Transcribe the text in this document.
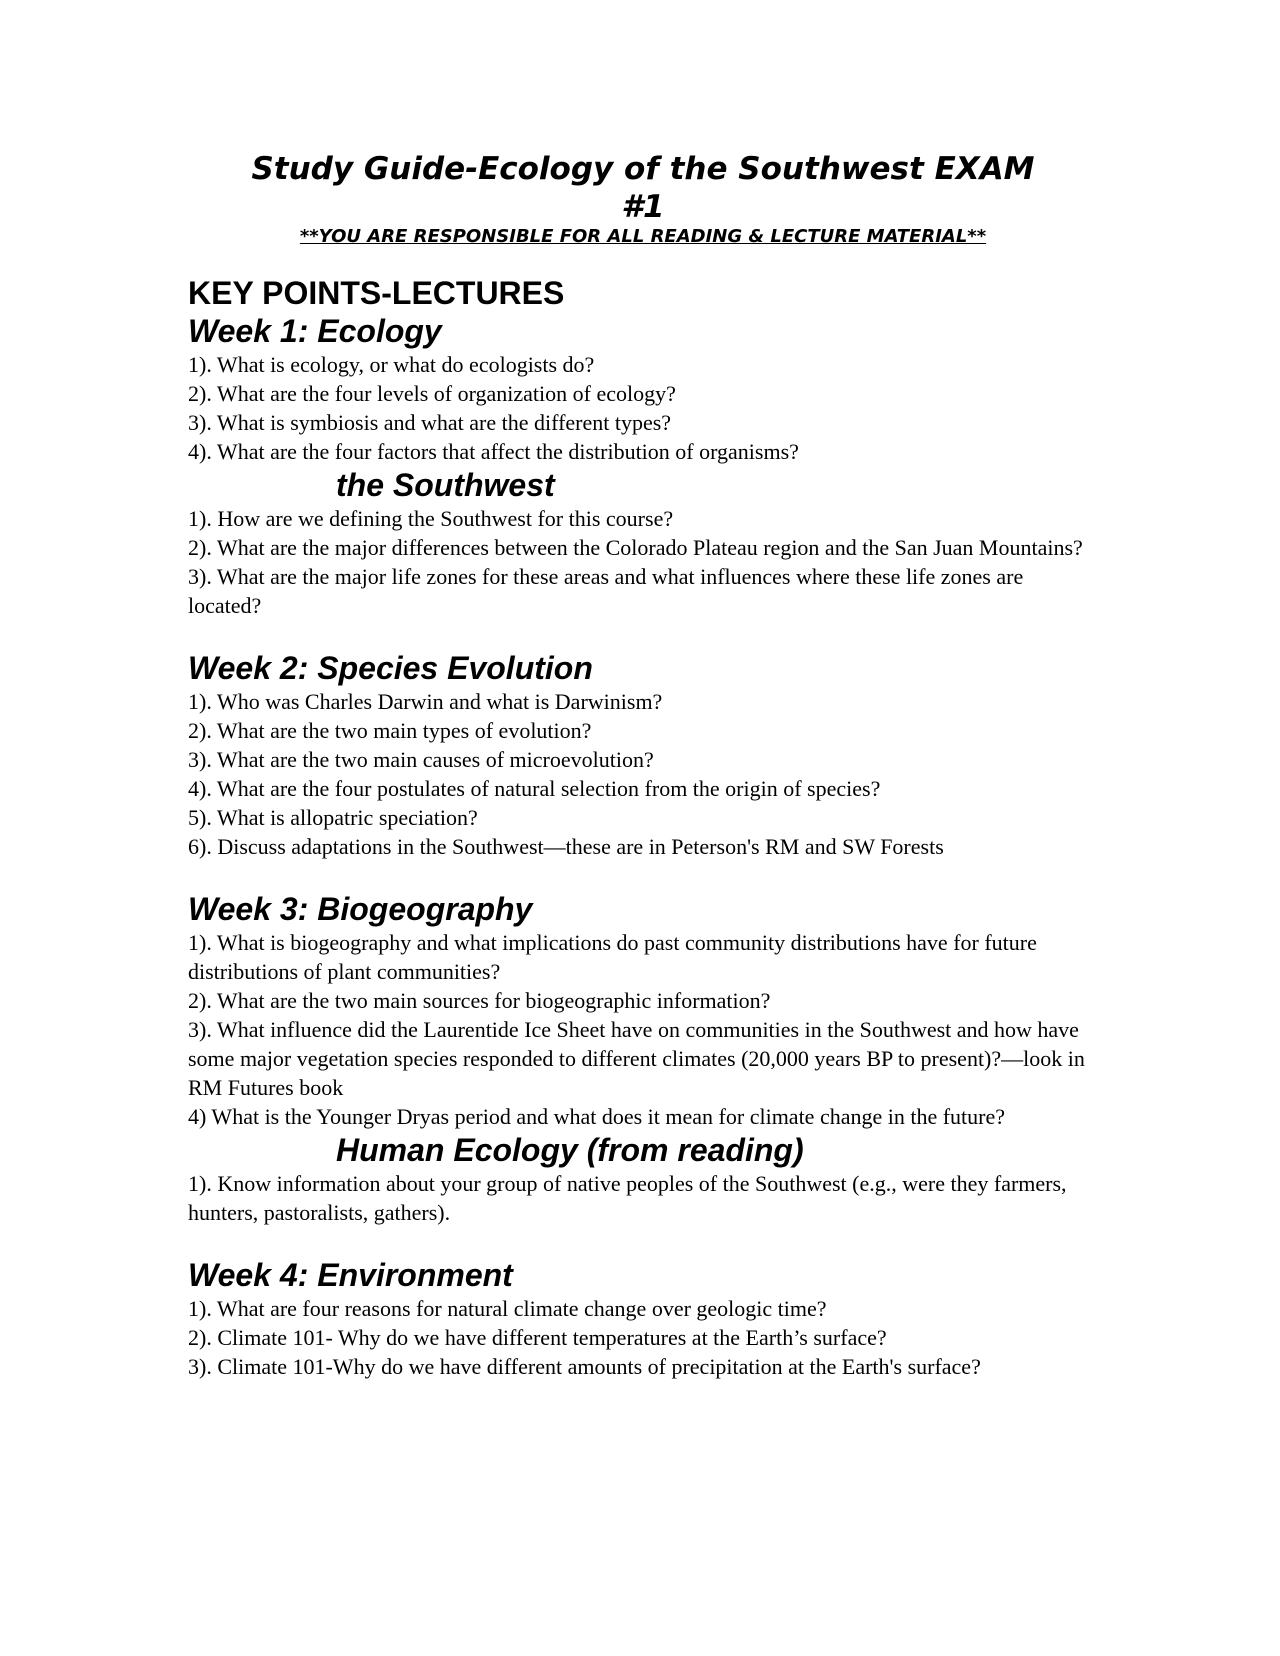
Study Guide-Ecology of the Southwest EXAM
#1
**YOU ARE RESPONSIBLE FOR ALL READING & LECTURE MATERIAL**
KEY POINTS-LECTURES
Week 1: Ecology

1). What is ecology, or what do ecologists do?

2). What are the four levels of organization of ecology?

3). What is symbiosis and what are the different types?

4). What are the four factors that affect the distribution of organisms?

the Southwest

1). How are we defining the Southwest for this course?

2). What are the major differences between the Colorado Plateau region and the San Juan Mountains?

3). What are the major life zones for these areas and what influences where these life zones are located?

Week 2: Species Evolution

1). Who was Charles Darwin and what is Darwinism?

2). What are the two main types of evolution?

3). What are the two main causes of microevolution?

4). What are the four postulates of natural selection from the origin of species?

5). What is allopatric speciation?

6). Discuss adaptations in the Southwest—these are in Peterson's RM and SW Forests

Week 3: Biogeography

1). What is biogeography and what implications do past community distributions have for future distributions of plant communities?

2). What are the two main sources for biogeographic information?

3). What influence did the Laurentide Ice Sheet have on communities in the Southwest and how have some major vegetation species responded to different climates (20,000 years BP to present)?—look in RM Futures book

4) What is the Younger Dryas period and what does it mean for climate change in the future?

Human Ecology (from reading)

1). Know information about your group of native peoples of the Southwest (e.g., were they farmers, hunters, pastoralists, gathers).

Week 4: Environment

1). What are four reasons for natural climate change over geologic time?

2). Climate 101- Why do we have different temperatures at the Earth’s surface?

3). Climate 101-Why do we have different amounts of precipitation at the Earth's surface?
